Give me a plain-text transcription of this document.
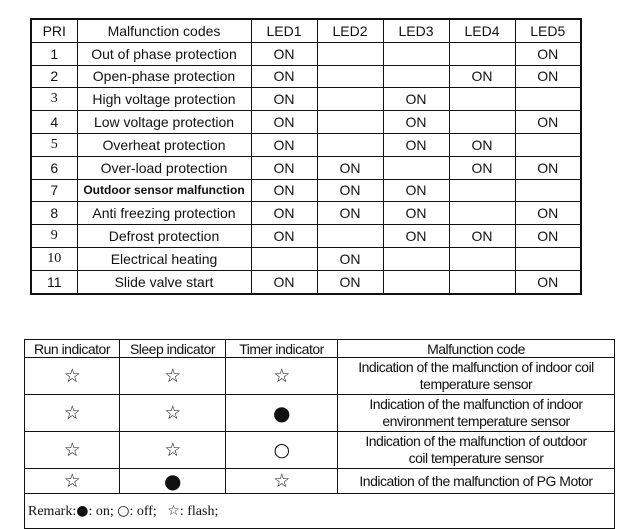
PRI	Malfunction codes	LED1	LED2	LED3	LED4	LED5
1	Out of phase protection	ON				ON
2	Open-phase protection	ON			ON	ON
3	High voltage protection	ON		ON		
4	Low voltage protection	ON		ON		ON
5	Overheat protection	ON		ON	ON	
6	Over-load protection	ON	ON		ON	ON
7	Outdoor sensor malfunction	ON	ON	ON		
8	Anti freezing protection	ON	ON	ON		ON
9	Defrost protection	ON		ON	ON	ON
10	Electrical heating		ON			
11	Slide valve start	ON	ON			ON
Run indicator	Sleep indicator	Timer indicator	Malfunction code
☆	☆	☆	Indication of the malfunction of indoor coil
temperature sensor

☆	☆	●	Indication of the malfunction of indoor
environment temperature sensor

☆	☆	○	Indication of the malfunction of outdoor
coil temperature sensor

☆	●	☆	Indication of the malfunction of PG Motor

Remark:●: on; ○: off; ☆: flash;			
